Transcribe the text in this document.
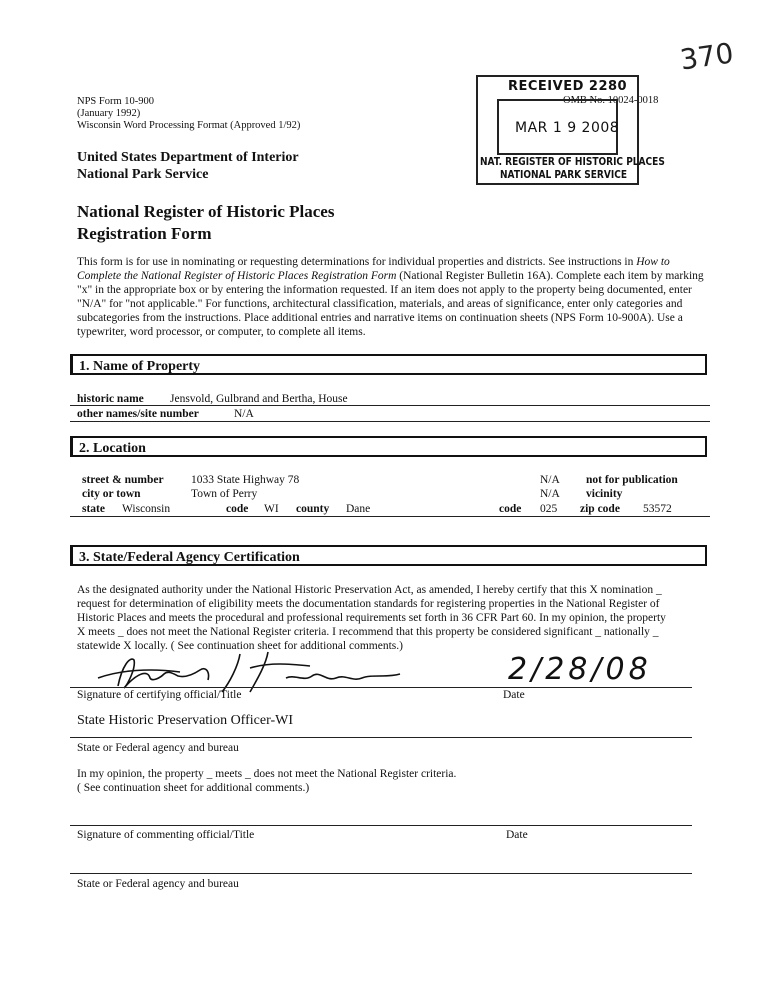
370
NPS Form 10-900
(January 1992)
Wisconsin Word Processing Format (Approved 1/92)
OMB No. 10024-0018
RECEIVED 2280
MAR 1 9 2008
NAT. REGISTER OF HISTORIC PLACES
NATIONAL PARK SERVICE
United States Department of Interior
National Park Service
National Register of Historic Places
Registration Form
This form is for use in nominating or requesting determinations for individual properties and districts. See instructions in How to Complete the National Register of Historic Places Registration Form (National Register Bulletin 16A). Complete each item by marking "x" in the appropriate box or by entering the information requested. If an item does not apply to the property being documented, enter "N/A" for "not applicable." For functions, architectural classification, materials, and areas of significance, enter only categories and subcategories from the instructions. Place additional entries and narrative items on continuation sheets (NPS Form 10-900A). Use a typewriter, word processor, or computer, to complete all items.
1. Name of Property
historic name Jensvold, Gulbrand and Bertha, House
other names/site number	N/A
2. Location
street & number 1033 State Highway 78	N/A not for publication
city or town	Town of Perry	N/A vicinity
state Wisconsin	code WI county Dane	code 025 zip code 53572
3. State/Federal Agency Certification
As the designated authority under the National Historic Preservation Act, as amended, I hereby certify that this X nomination _
request for determination of eligibility meets the documentation standards for registering properties in the National Register of
Historic Places and meets the procedural and professional requirements set forth in 36 CFR Part 60. In my opinion, the property
X meets _ does not meet the National Register criteria. I recommend that this property be considered significant _ nationally _
statewide X locally. ( See continuation sheet for additional comments.)
2/28/08
Signature of certifying official/Title	Date
State Historic Preservation Officer-WI
State or Federal agency and bureau
In my opinion, the property _ meets _ does not meet the National Register criteria.
( See continuation sheet for additional comments.)
Signature of commenting official/Title	Date
State or Federal agency and bureau
